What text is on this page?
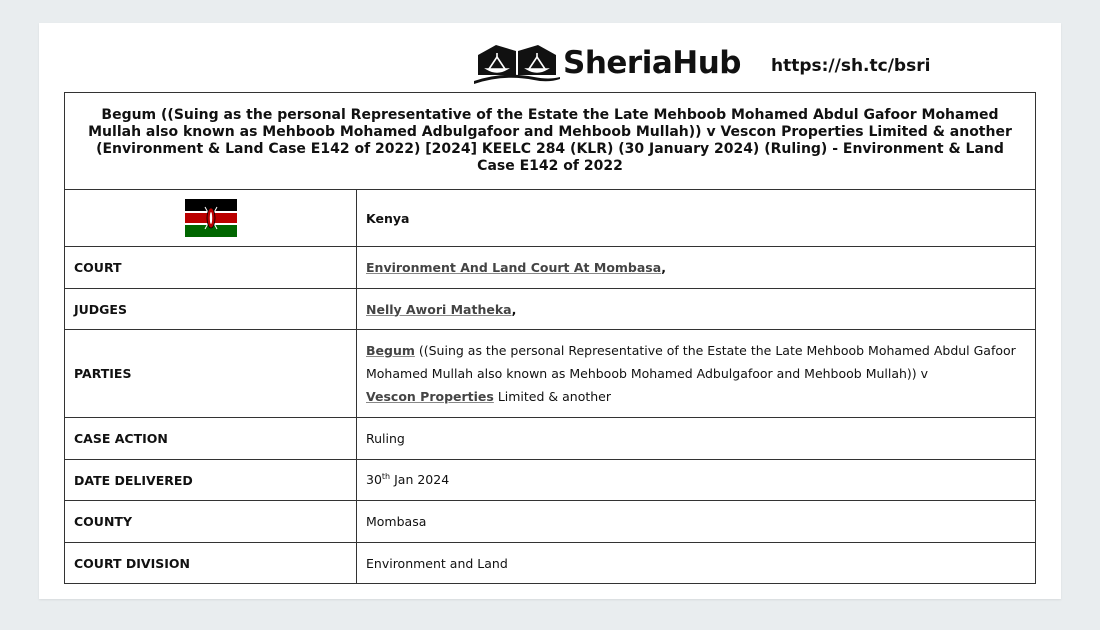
SheriaHub https://sh.tc/bsri
Begum ((Suing as the personal Representative of the Estate the Late Mehboob Mohamed Abdul Gafoor Mohamed Mullah also known as Mehboob Mohamed Adbulgafoor and Mehboob Mullah)) v Vescon Properties Limited & another (Environment & Land Case E142 of 2022) [2024] KEELC 284 (KLR) (30 January 2024) (Ruling) - Environment & Land Case E142 of 2022	
	Kenya
COURT	Environment And Land Court At Mombasa,
JUDGES	Nelly Awori Matheka,
PARTIES	Begum ((Suing as the personal Representative of the Estate the Late Mehboob Mohamed Abdul Gafoor Mohamed Mullah also known as Mehboob Mohamed Adbulgafoor and Mehboob Mullah)) v
Vescon Properties Limited & another
CASE ACTION	Ruling
DATE DELIVERED	30th Jan 2024
COUNTY	Mombasa
COURT DIVISION	Environment and Land
